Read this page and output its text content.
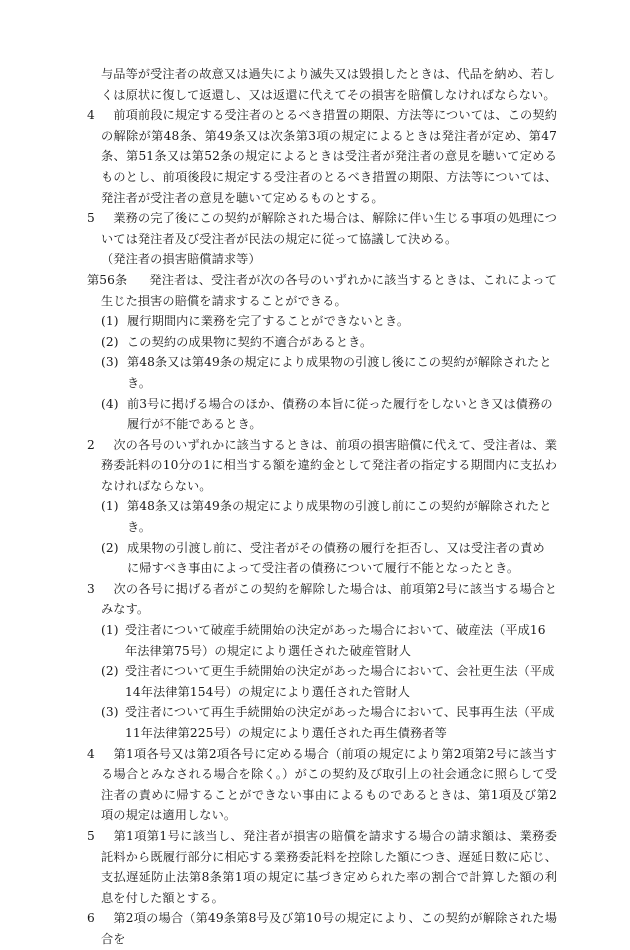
与品等が受注者の故意又は過失により滅失又は毀損したときは、代品を納め、若しくは原状に復して返還し、又は返還に代えてその損害を賠償しなければならない。

4
　 前項前段に規定する受注者のとるべき措置の期限、方法等については、この契約の解除が第48条、第49条又は次条第3項の規定によるときは発注者が定め、第47条、第51条又は第52条の規定によるときは受注者が発注者の意見を聴いて定めるものとし、前項後段に規定する受注者のとるべき措置の期限、方法等については、発注者が受注者の意見を聴いて定めるものとする。
5
　 業務の完了後にこの契約が解除された場合は、解除に伴い生じる事項の処理については発注者及び受注者が民法の規定に従って協議して決める。

（発注者の損害賠償請求等）

第56条
　 発注者は、受注者が次の各号のいずれかに該当するときは、これによって生じた損害の賠償を請求することができる。
(1) 履行期間内に業務を完了することができないとき。
(2) この契約の成果物に契約不適合があるとき。
(3) 第48条又は第49条の規定により成果物の引渡し後にこの契約が解除されたとき。
(4) 前3号に掲げる場合のほか、債務の本旨に従った履行をしないとき又は債務の履行が不能であるとき。
2
　 次の各号のいずれかに該当するときは、前項の損害賠償に代えて、受注者は、業務委託料の10分の1に相当する額を違約金として発注者の指定する期間内に支払わなければならない。
(1) 第48条又は第49条の規定により成果物の引渡し前にこの契約が解除されたとき。
(2) 成果物の引渡し前に、受注者がその債務の履行を拒否し、又は受注者の責めに帰すべき事由によって受注者の債務について履行不能となったとき。
3
　 次の各号に掲げる者がこの契約を解除した場合は、前項第2号に該当する場合とみなす。
(1) 受注者について破産手続開始の決定があった場合において、破産法（平成16年法律第75号）の規定により選任された破産管財人
(2) 受注者について更生手続開始の決定があった場合において、会社更生法（平成14年法律第154号）の規定により選任された管財人
(3) 受注者について再生手続開始の決定があった場合において、民事再生法（平成11年法律第225号）の規定により選任された再生債務者等
4
　 第1項各号又は第2項各号に定める場合（前項の規定により第2項第2号に該当する場合とみなされる場合を除く。）がこの契約及び取引上の社会通念に照らして受注者の責めに帰することができない事由によるものであるときは、第1項及び第2項の規定は適用しない。
5
　 第1項第1号に該当し、発注者が損害の賠償を請求する場合の請求額は、業務委託料から既履行部分に相応する業務委託料を控除した額につき、遅延日数に応じ、支払遅延防止法第8条第1項の規定に基づき定められた率の割合で計算した額の利息を付した額とする。
6
　 第2項の場合（第49条第8号及び第10号の規定により、この契約が解除された場合を
